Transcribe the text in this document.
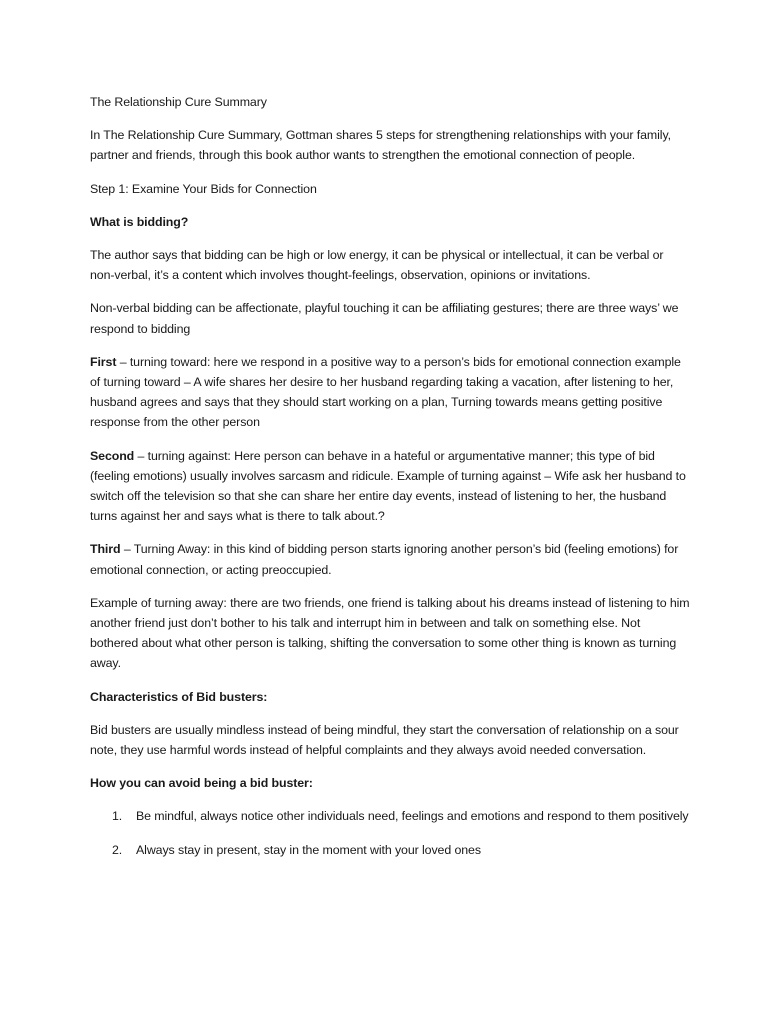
The Relationship Cure Summary

In The Relationship Cure Summary, Gottman shares 5 steps for strengthening relationships with your family, partner and friends, through this book author wants to strengthen the emotional connection of people.

Step 1: Examine Your Bids for Connection

What is bidding?

The author says that bidding can be high or low energy, it can be physical or intellectual, it can be verbal or non-verbal, it’s a content which involves thought-feelings, observation, opinions or invitations.

Non-verbal bidding can be affectionate, playful touching it can be affiliating gestures; there are three ways’ we respond to bidding

First – turning toward: here we respond in a positive way to a person’s bids for emotional connection example of turning toward – A wife shares her desire to her husband regarding taking a vacation, after listening to her, husband agrees and says that they should start working on a plan, Turning towards means getting positive response from the other person

Second – turning against: Here person can behave in a hateful or argumentative manner; this type of bid (feeling emotions) usually involves sarcasm and ridicule. Example of turning against – Wife ask her husband to switch off the television so that she can share her entire day events, instead of listening to her, the husband turns against her and says what is there to talk about.?

Third – Turning Away: in this kind of bidding person starts ignoring another person’s bid (feeling emotions) for emotional connection, or acting preoccupied.

Example of turning away: there are two friends, one friend is talking about his dreams instead of listening to him another friend just don’t bother to his talk and interrupt him in between and talk on something else. Not bothered about what other person is talking, shifting the conversation to some other thing is known as turning away.

Characteristics of Bid busters:

Bid busters are usually mindless instead of being mindful, they start the conversation of relationship on a sour note, they use harmful words instead of helpful complaints and they always avoid needed conversation.

How you can avoid being a bid buster:

1.	Be mindful, always notice other individuals need, feelings and emotions and respond to them positively
2.	Always stay in present, stay in the moment with your loved ones
